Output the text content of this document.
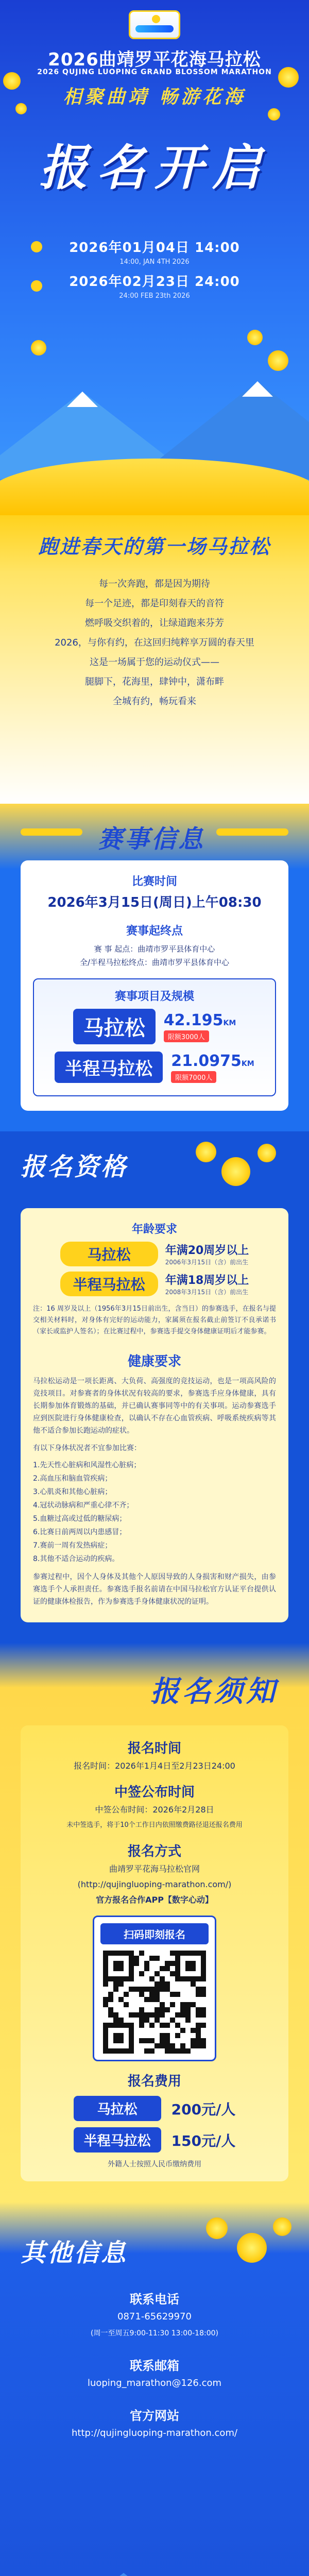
2026曲靖罗平花海马拉松
2026 QUJING LUOPING GRAND BLOSSOM MARATHON
相聚曲靖 畅游花海
报名开启
2026年01月04日 14:00
14:00, JAN 4TH 2026
2026年02月23日 24:00
24:00 FEB 23th 2026
跑进春天的第一场马拉松

每一次奔跑，都是因为期待

每一个足迹，都是印刻春天的音符

燃呼吸交织着的，让绿道跑来芬芳

2026，与你有约，在这回归纯粹享万圆的春天里

这是一场属于您的运动仪式——

腿脚下，花海里，肆钟中，潇布畔

全城有约，畅玩看来

赛事信息
比赛时间
2026年3月15日(周日)上午08:30
赛事起终点
赛 事 起点：曲靖市罗平县体育中心
全/半程马拉松终点：曲靖市罗平县体育中心
赛事项目及规模
马拉松	42.195KM
限额3000人
半程马拉松	21.0975KM
限额7000人
报名资格
年龄要求
马拉松	年满20周岁以上
2006年3月15日（含）前出生
半程马拉松	年满18周岁以上
2008年3月15日（含）前出生

注：16 周岁及以上（1956年3月15日前出生，含当日）的参赛选手，在报名与提交相关材料时，对身体有完好的运动能力，家属须在报名截止前签订不良承诺书（家长或监护人签名）；在比赛过程中，参赛选手提交身体健康证明后才能参赛。

健康要求

马拉松运动是一项长距离、大负荷、高强度的竞技运动，也是一项高风险的竞技项目。对参赛者的身体状况有较高的要求，参赛选手应身体健康，具有长期参加体育锻炼的基础，并已确认赛事同等中的有关事项。运动参赛选手应到医院进行身体健康检查，以确认不存在心血管疾病、呼吸系统疾病等其他不适合参加长跑运动的症状。

有以下身体状况者不宜参加比赛：

1.先天性心脏病和风湿性心脏病；
2.高血压和脑血管疾病；
3.心肌炎和其他心脏病；
4.冠状动脉病和严重心律不齐；
5.血糖过高或过低的糖尿病；
6.比赛日前两周以内患感冒；
7.赛前一周有发热病症；
8.其他不适合运动的疾病。

参赛过程中，因个人身体及其他个人原因导致的人身损害和财产损失，由参赛选手个人承担责任。参赛选手报名前请在中国马拉松官方认证平台提供认证的健康体检报告，作为参赛选手身体健康状况的证明。

报名须知
报名时间
报名时间：2026年1月4日至2月23日24:00
中签公布时间
中签公布时间：2026年2月28日
未中签选手，将于10个工作日内依照缴费路径退还报名费用
报名方式
曲靖罗平花海马拉松官网
(http://qujingluoping-marathon.com/)
官方报名合作APP【数字心动】
扫码即刻报名
报名费用
马拉松	200元/人
半程马拉松	150元/人
外籍人士按照人民币缴纳费用
其他信息
联系电话
0871-65629970
(周一至周五9:00-11:30 13:00-18:00)
联系邮箱
luoping_marathon@126.com
官方网站
http://qujingluoping-marathon.com/
